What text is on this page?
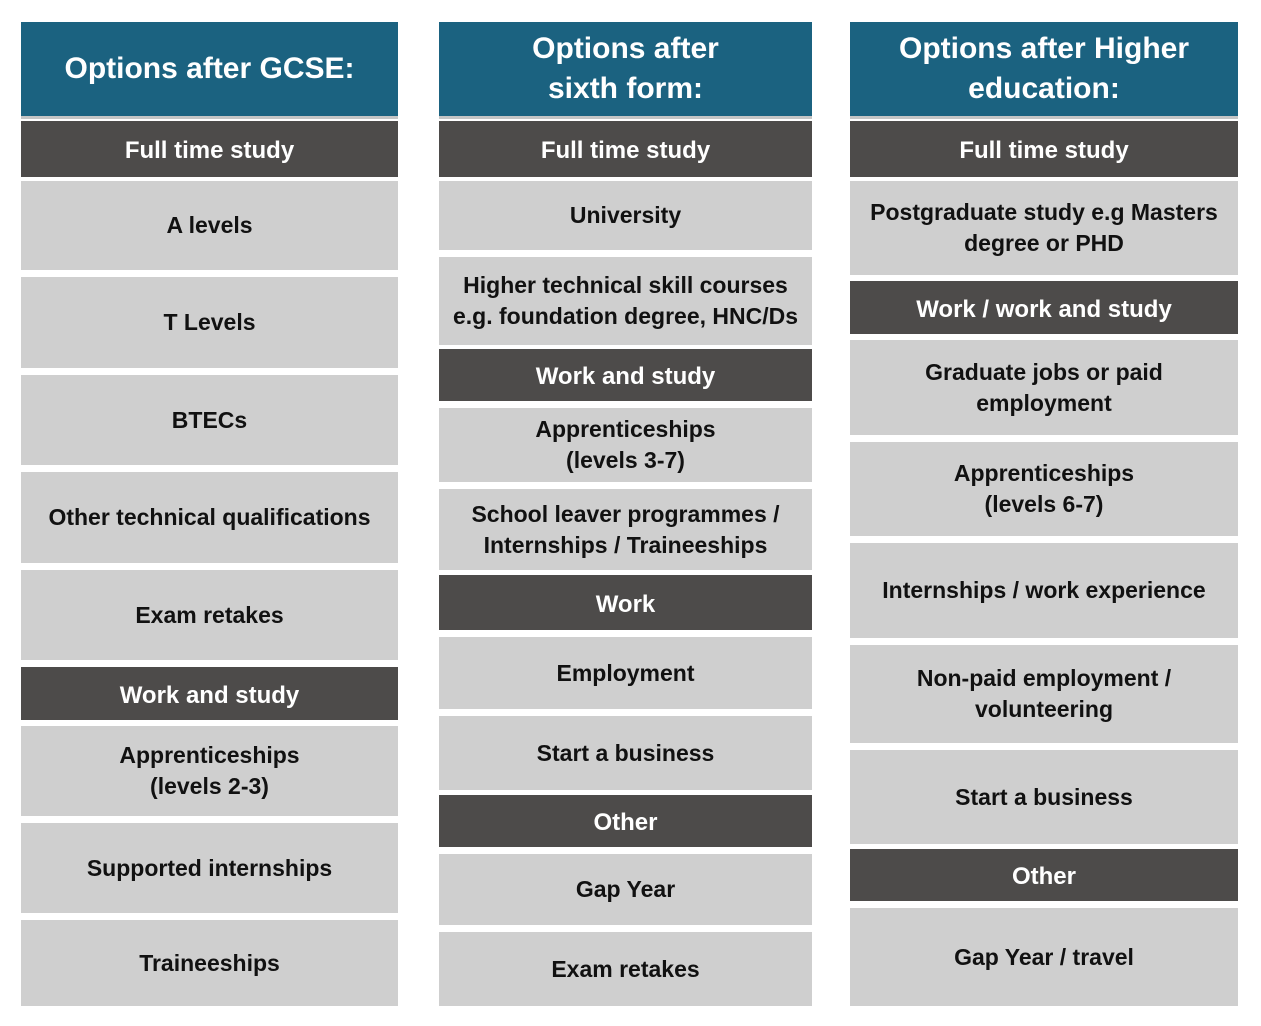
Options after GCSE:
Full time study
A levels
T Levels
BTECs
Other technical qualifications
Exam retakes
Work and study
Apprenticeships
(levels 2-3)
Supported internships
Traineeships
Options after
sixth form:
Full time study
University
Higher technical skill courses
e.g. foundation degree, HNC/Ds
Work and study
Apprenticeships
(levels 3-7)
School leaver programmes /
Internships / Traineeships
Work
Employment
Start a business
Other
Gap Year
Exam retakes
Options after Higher
education:
Full time study
Postgraduate study e.g Masters
degree or PHD
Work / work and study
Graduate jobs or paid
employment
Apprenticeships
(levels 6-7)
Internships / work experience
Non-paid employment /
volunteering
Start a business
Other
Gap Year / travel
